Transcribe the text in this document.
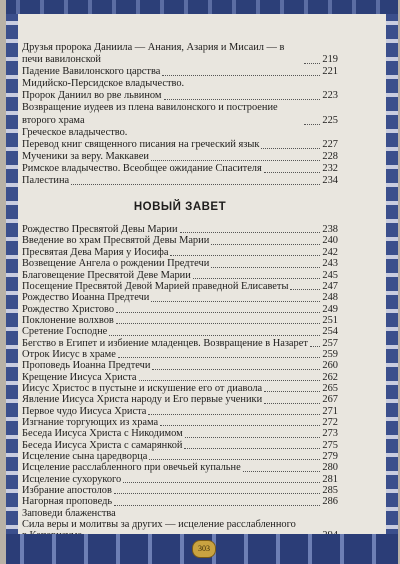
Друзья пророка Даниила — Анания, Азария и Мисаил — в печи вавилонской	219
Падение Вавилонского царства	221
Мидийско-Персидское владычество.
Пророк Даниил во рве львином	223
Возвращение иудеев из плена вавилонского и построение второго храма	225
Греческое владычество.
Перевод книг священного писания на греческий язык	227
Мученики за веру. Маккавеи	228
Римское владычество. Всеобщее ожидание Спасителя	232
Палестина	234
НОВЫЙ ЗАВЕТ
Рождество Пресвятой Девы Марии	238
Введение во храм Пресвятой Девы Марии	240
Пресвятая Дева Мария у Иосифа	242
Возвещение Ангела о рождении Предтечи	243
Благовещение Пресвятой Деве Марии	245
Посещение Пресвятой Девой Марией праведной Елисаветы	247
Рождество Иоанна Предтечи	248
Рождество Христово	249
Поклонение волхвов	251
Сретение Господне	254
Бегство в Египет и избиение младенцев. Возвращение в Назарет 257
Отрок Иисус в храме	259
Проповедь Иоанна Предтечи	260
Крещение Иисуса Христа	262
Иисус Христос в пустыне и искушение его от диавола	265
Явление Иисуса Христа народу и Его первые ученики	267
Первое чудо Иисуса Христа	271
Изгнание торгующих из храма	272
Беседа Иисуса Христа с Никодимом	273
Беседа Иисуса Христа с самарянкой	275
Исцеление сына царедворца	279
Исцеление расслабленного при овечьей купальне	280
Исцеление сухорукого	281
Избрание апостолов	285
Нагорная проповедь	286
Заповеди блаженства
Сила веры и молитвы за других — исцеление расслабленного
303
